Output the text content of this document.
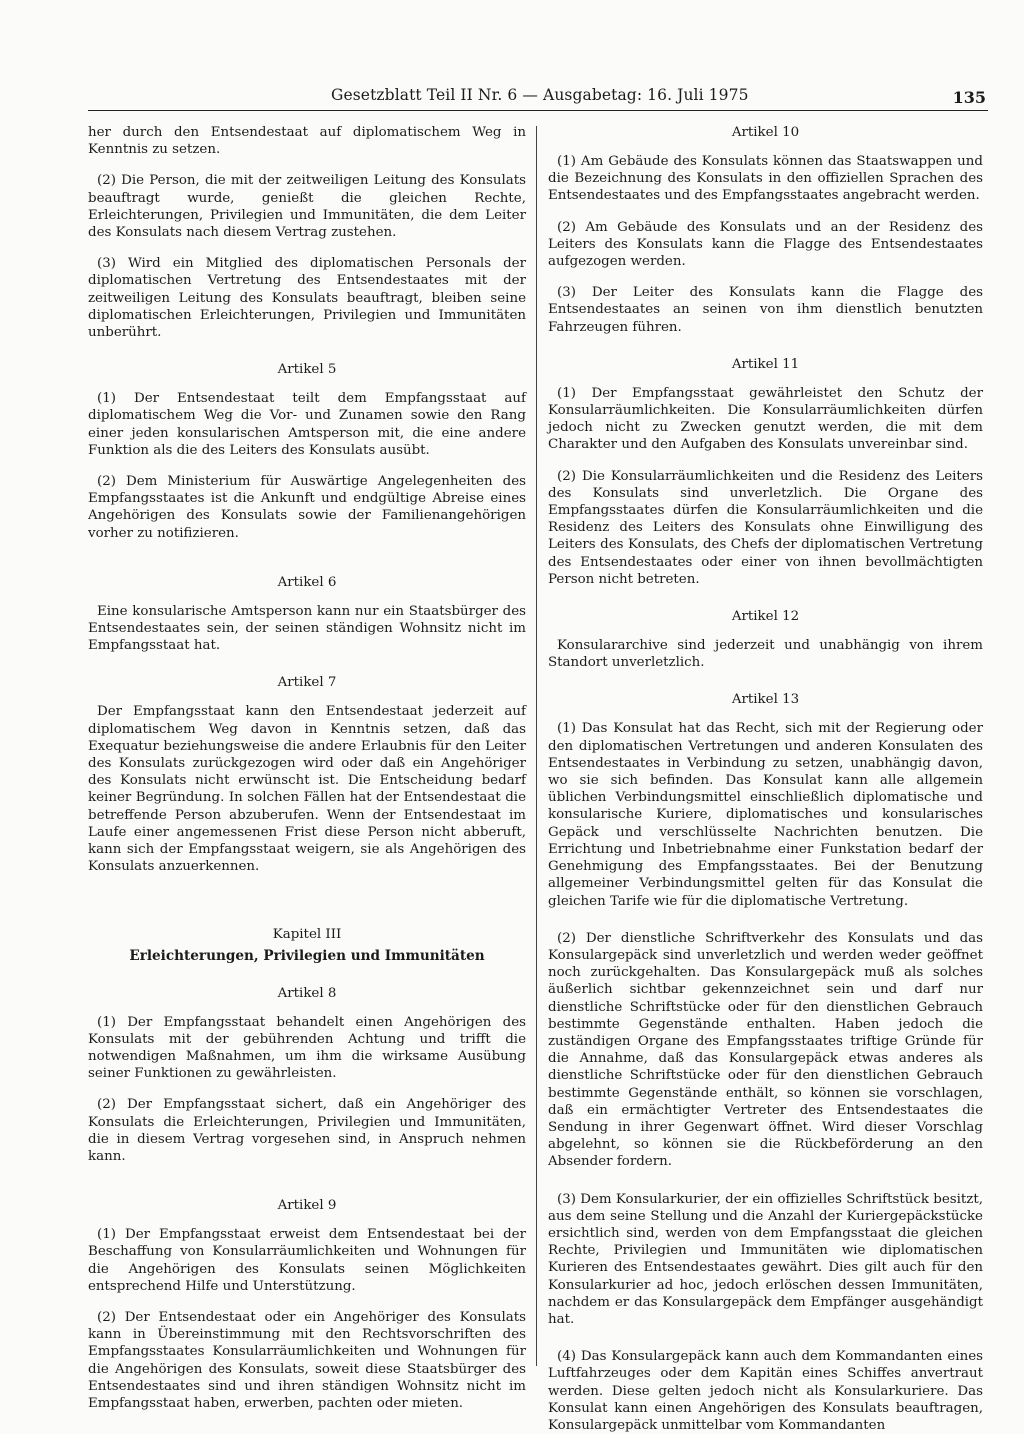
Gesetzblatt Teil II Nr. 6 — Ausgabetag: 16. Juli 1975	135

her durch den Entsendestaat auf diplomatischem Weg in Kenntnis zu setzen.

(2) Die Person, die mit der zeitweiligen Leitung des Konsulats beauftragt wurde, genießt die gleichen Rechte, Erleichterungen, Privilegien und Immunitäten, die dem Leiter des Konsulats nach diesem Vertrag zustehen.

(3) Wird ein Mitglied des diplomatischen Personals der diplomatischen Vertretung des Entsendestaates mit der zeitweiligen Leitung des Konsulats beauftragt, bleiben seine diplomatischen Erleichterungen, Privilegien und Immunitäten unberührt.

Artikel 5

(1) Der Entsendestaat teilt dem Empfangsstaat auf diplomatischem Weg die Vor- und Zunamen sowie den Rang einer jeden konsularischen Amtsperson mit, die eine andere Funktion als die des Leiters des Konsulats ausübt.

(2) Dem Ministerium für Auswärtige Angelegenheiten des Empfangsstaates ist die Ankunft und endgültige Abreise eines Angehörigen des Konsulats sowie der Familienangehörigen vorher zu notifizieren.

Artikel 6

Eine konsularische Amtsperson kann nur ein Staatsbürger des Entsendestaates sein, der seinen ständigen Wohnsitz nicht im Empfangsstaat hat.

Artikel 7

Der Empfangsstaat kann den Entsendestaat jederzeit auf diplomatischem Weg davon in Kenntnis setzen, daß das Exequatur beziehungsweise die andere Erlaubnis für den Leiter des Konsulats zurückgezogen wird oder daß ein Angehöriger des Konsulats nicht erwünscht ist. Die Entscheidung bedarf keiner Begründung. In solchen Fällen hat der Entsendestaat die betreffende Person abzuberufen. Wenn der Entsendestaat im Laufe einer angemessenen Frist diese Person nicht abberuft, kann sich der Empfangsstaat weigern, sie als Angehörigen des Konsulats anzuerkennen.

Kapitel III
Erleichterungen, Privilegien und Immunitäten
Artikel 8

(1) Der Empfangsstaat behandelt einen Angehörigen des Konsulats mit der gebührenden Achtung und trifft die notwendigen Maßnahmen, um ihm die wirksame Ausübung seiner Funktionen zu gewährleisten.

(2) Der Empfangsstaat sichert, daß ein Angehöriger des Konsulats die Erleichterungen, Privilegien und Immunitäten, die in diesem Vertrag vorgesehen sind, in Anspruch nehmen kann.

Artikel 9

(1) Der Empfangsstaat erweist dem Entsendestaat bei der Beschaffung von Konsularräumlichkeiten und Wohnungen für die Angehörigen des Konsulats seinen Möglichkeiten entsprechend Hilfe und Unterstützung.

(2) Der Entsendestaat oder ein Angehöriger des Konsulats kann in Übereinstimmung mit den Rechtsvorschriften des Empfangsstaates Konsularräumlichkeiten und Wohnungen für die Angehörigen des Konsulats, soweit diese Staatsbürger des Entsendestaates sind und ihren ständigen Wohnsitz nicht im Empfangsstaat haben, erwerben, pachten oder mieten.

Artikel 10

(1) Am Gebäude des Konsulats können das Staatswappen und die Bezeichnung des Konsulats in den offiziellen Sprachen des Entsendestaates und des Empfangsstaates angebracht werden.

(2) Am Gebäude des Konsulats und an der Residenz des Leiters des Konsulats kann die Flagge des Entsendestaates aufgezogen werden.

(3) Der Leiter des Konsulats kann die Flagge des Entsendestaates an seinen von ihm dienstlich benutzten Fahrzeugen führen.

Artikel 11

(1) Der Empfangsstaat gewährleistet den Schutz der Konsularräumlichkeiten. Die Konsularräumlichkeiten dürfen jedoch nicht zu Zwecken genutzt werden, die mit dem Charakter und den Aufgaben des Konsulats unvereinbar sind.

(2) Die Konsularräumlichkeiten und die Residenz des Leiters des Konsulats sind unverletzlich. Die Organe des Empfangsstaates dürfen die Konsularräumlichkeiten und die Residenz des Leiters des Konsulats ohne Einwilligung des Leiters des Konsulats, des Chefs der diplomatischen Vertretung des Entsendestaates oder einer von ihnen bevollmächtigten Person nicht betreten.

Artikel 12

Konsulararchive sind jederzeit und unabhängig von ihrem Standort unverletzlich.

Artikel 13

(1) Das Konsulat hat das Recht, sich mit der Regierung oder den diplomatischen Vertretungen und anderen Konsulaten des Entsendestaates in Verbindung zu setzen, unabhängig davon, wo sie sich befinden. Das Konsulat kann alle allgemein üblichen Verbindungsmittel einschließlich diplomatische und konsularische Kuriere, diplomatisches und konsularisches Gepäck und verschlüsselte Nachrichten benutzen. Die Errichtung und Inbetriebnahme einer Funkstation bedarf der Genehmigung des Empfangsstaates. Bei der Benutzung allgemeiner Verbindungsmittel gelten für das Konsulat die gleichen Tarife wie für die diplomatische Vertretung.

(2) Der dienstliche Schriftverkehr des Konsulats und das Konsulargepäck sind unverletzlich und werden weder geöffnet noch zurückgehalten. Das Konsulargepäck muß als solches äußerlich sichtbar gekennzeichnet sein und darf nur dienstliche Schriftstücke oder für den dienstlichen Gebrauch bestimmte Gegenstände enthalten. Haben jedoch die zuständigen Organe des Empfangsstaates triftige Gründe für die Annahme, daß das Konsulargepäck etwas anderes als dienstliche Schriftstücke oder für den dienstlichen Gebrauch bestimmte Gegenstände enthält, so können sie vorschlagen, daß ein ermächtigter Vertreter des Entsendestaates die Sendung in ihrer Gegenwart öffnet. Wird dieser Vorschlag abgelehnt, so können sie die Rückbeförderung an den Absender fordern.

(3) Dem Konsularkurier, der ein offizielles Schriftstück besitzt, aus dem seine Stellung und die Anzahl der Kuriergepäckstücke ersichtlich sind, werden von dem Empfangsstaat die gleichen Rechte, Privilegien und Immunitäten wie diplomatischen Kurieren des Entsendestaates gewährt. Dies gilt auch für den Konsularkurier ad hoc, jedoch erlöschen dessen Immunitäten, nachdem er das Konsulargepäck dem Empfänger ausgehändigt hat.

(4) Das Konsulargepäck kann auch dem Kommandanten eines Luftfahrzeuges oder dem Kapitän eines Schiffes anvertraut werden. Diese gelten jedoch nicht als Konsularkuriere. Das Konsulat kann einen Angehörigen des Konsulats beauftragen, Konsulargepäck unmittelbar vom Kommandanten
